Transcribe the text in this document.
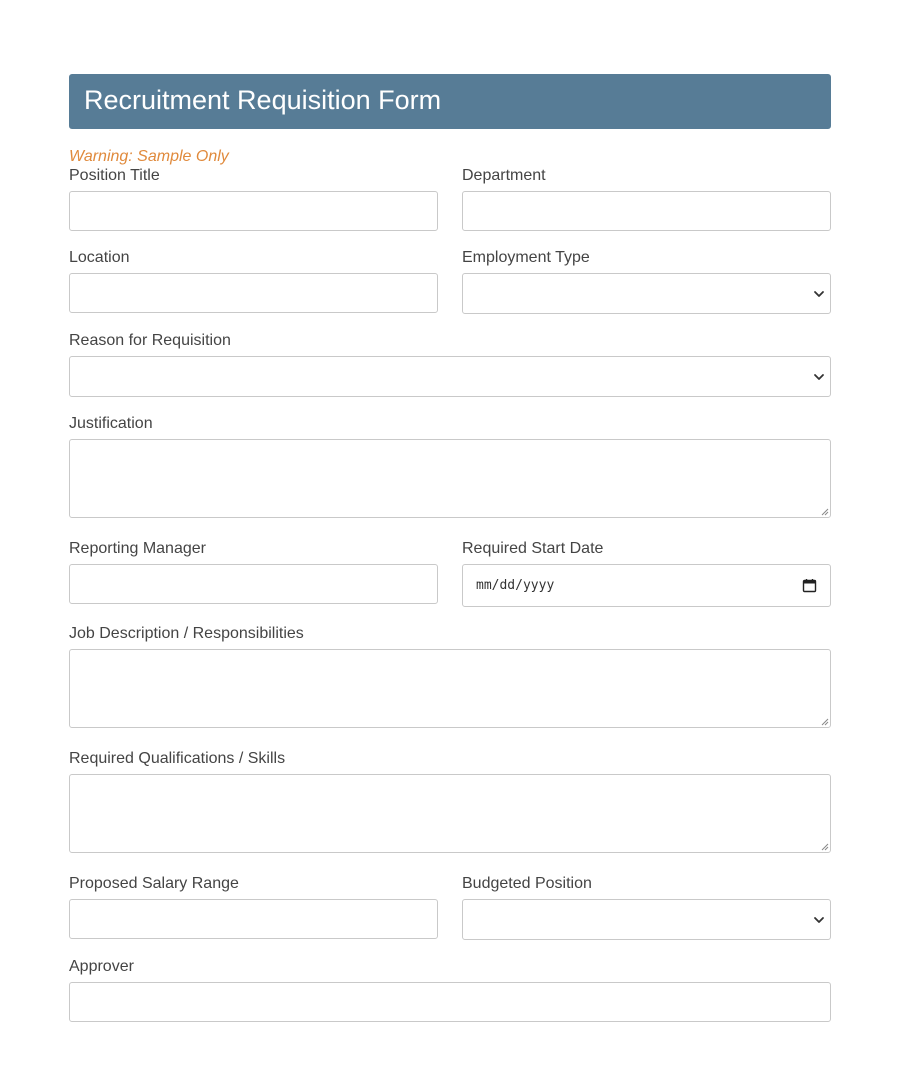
Recruitment Requisition Form
Warning: Sample Only
Position Title	Department
Location	Employment Type
Reason for Requisition
Justification
Reporting Manager	Required Start Date
mm/dd/yyyy
Job Description / Responsibilities
Required Qualifications / Skills
Proposed Salary Range	Budgeted Position
Approver
